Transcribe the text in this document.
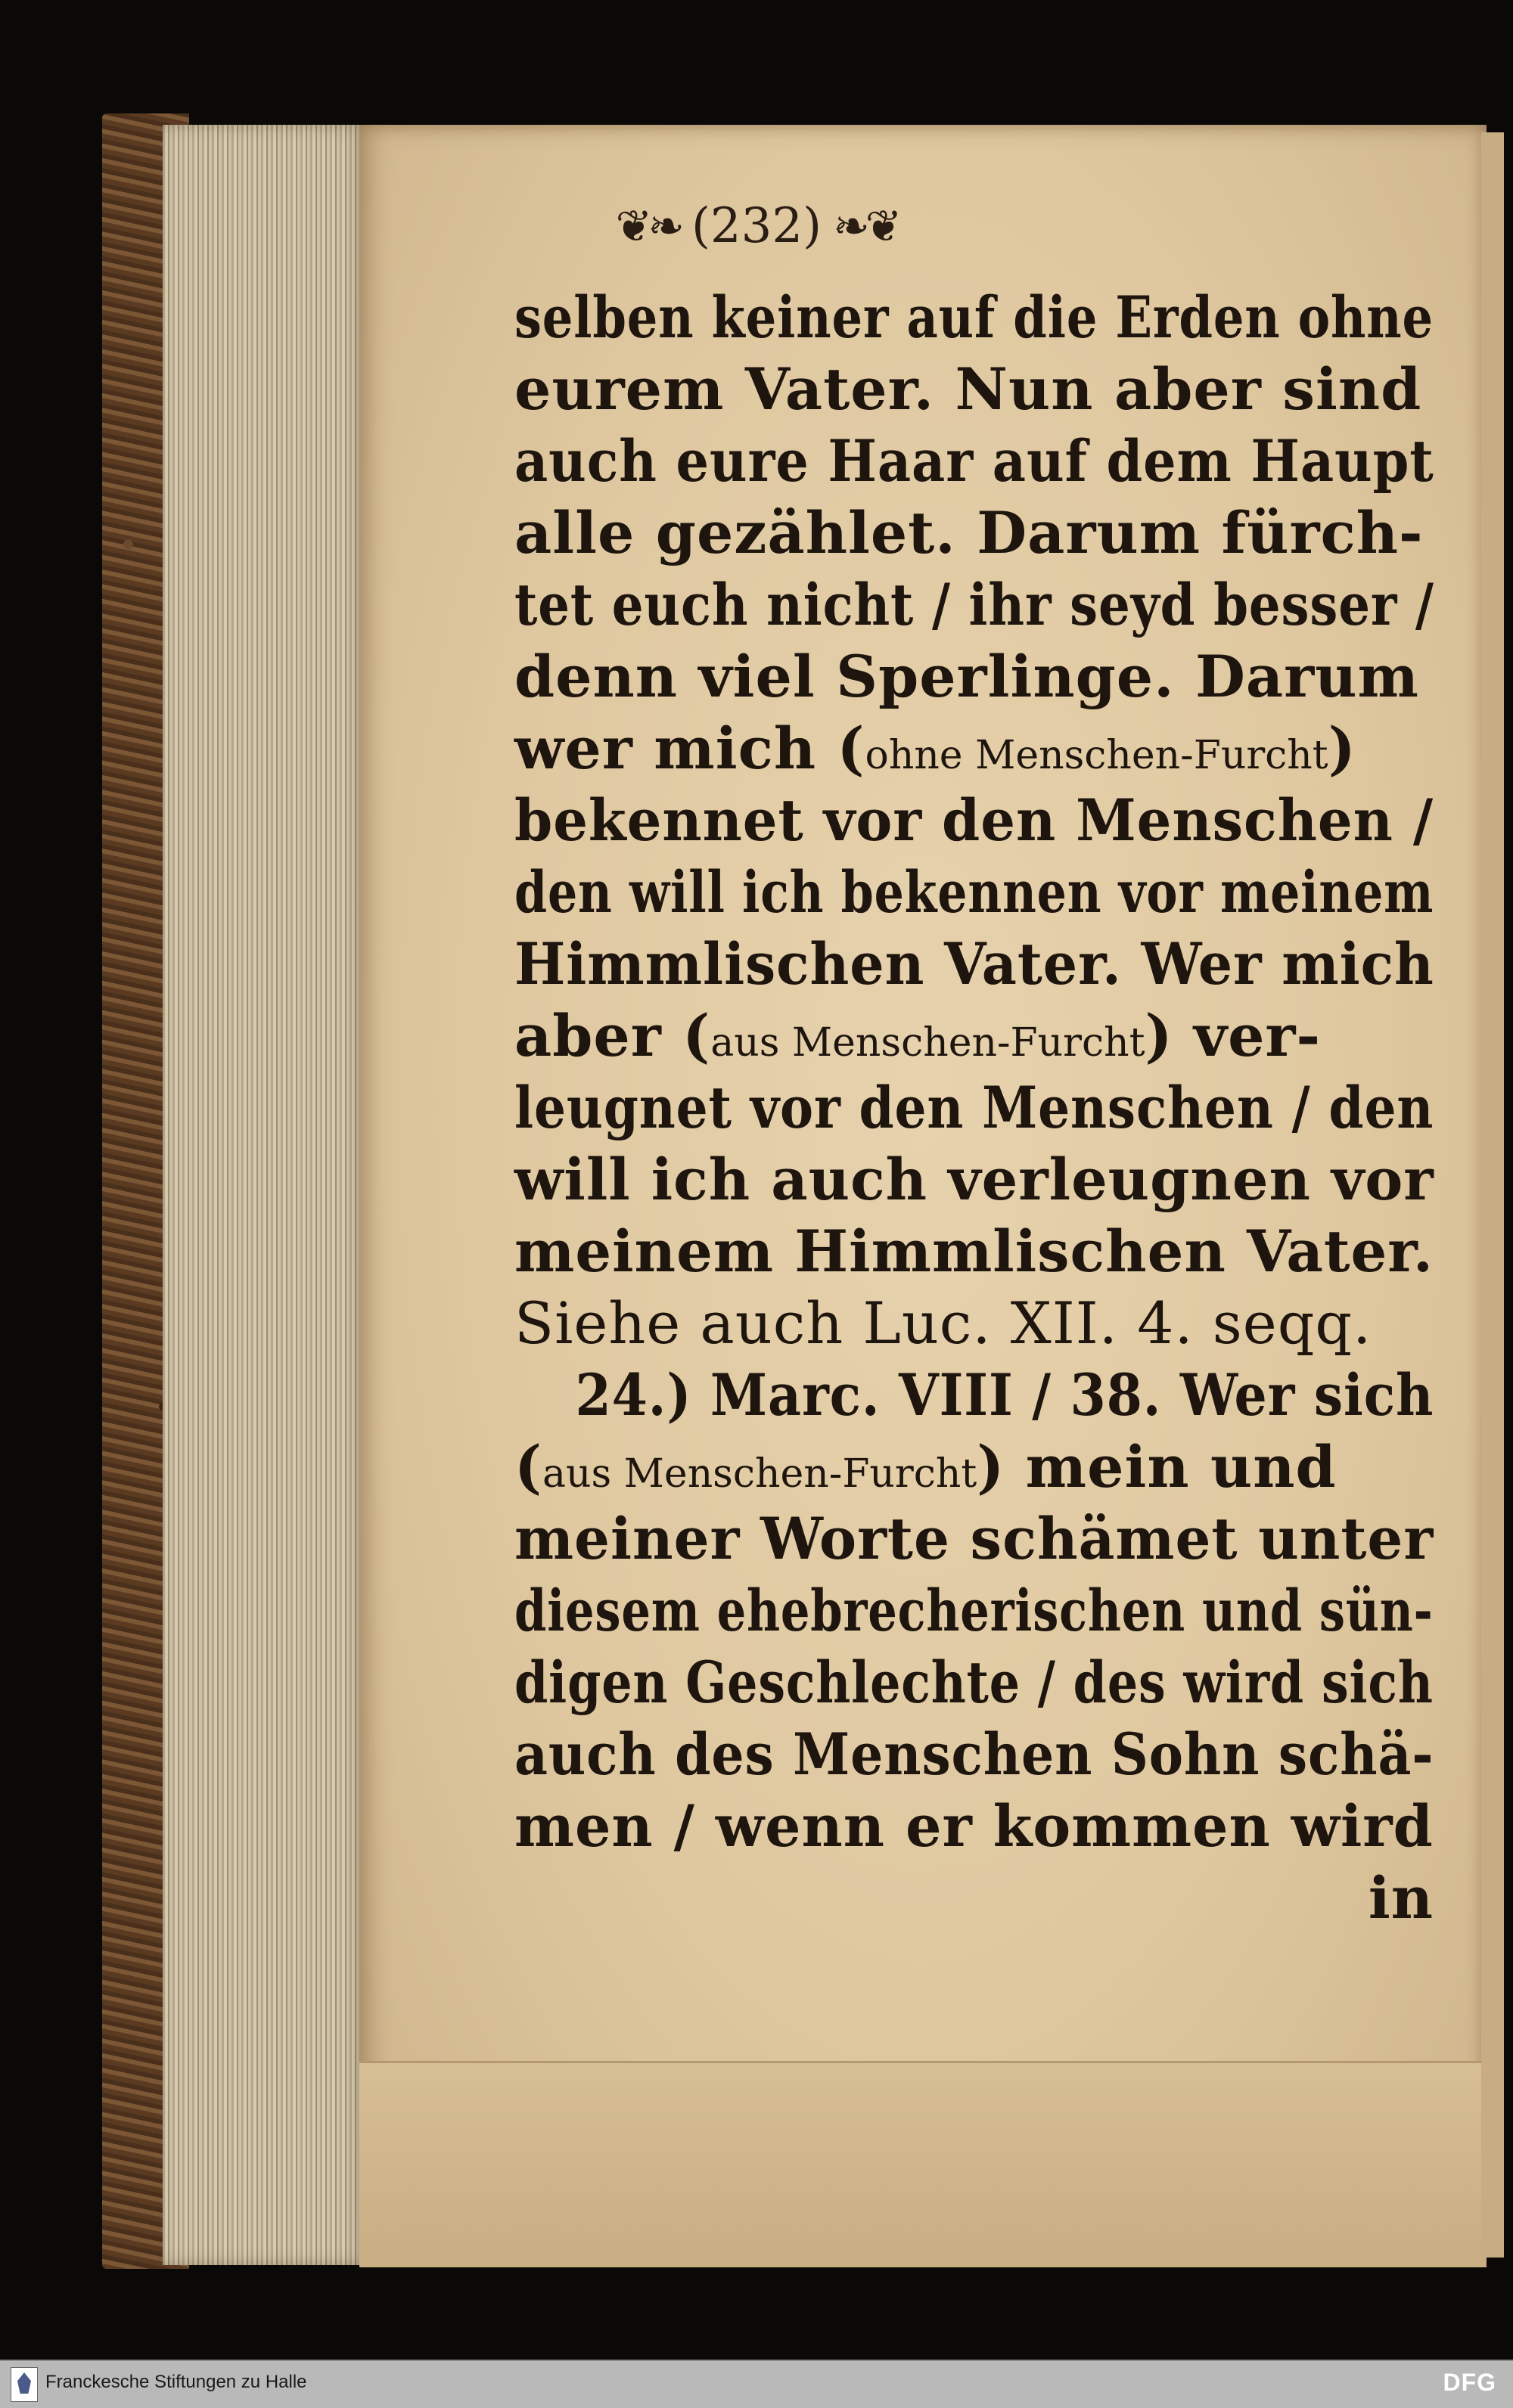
❦❧ (232) ❧❦
selben keiner auf die Erden ohne
eurem Vater. Nun aber sind
auch eure Haar auf dem Haupt
alle gezählet. Darum fürch-
tet euch nicht / ihr seyd besser /
denn viel Sperlinge. Darum
wer mich (ohne Menschen-Furcht)
bekennet vor den Menschen /
den will ich bekennen vor meinem
Himmlischen Vater. Wer mich
aber (aus Menschen-Furcht) ver-
leugnet vor den Menschen / den
will ich auch verleugnen vor
meinem Himmlischen Vater.
Siehe auch Luc. XII. 4. seqq.
24.) Marc. VIII / 38. Wer sich
(aus Menschen-Furcht) mein und
meiner Worte schämet unter
diesem ehebrecherischen und sün-
digen Geschlechte / des wird sich
auch des Menschen Sohn schä-
men / wenn er kommen wird
in
Franckesche Stiftungen zu Halle	DFG
